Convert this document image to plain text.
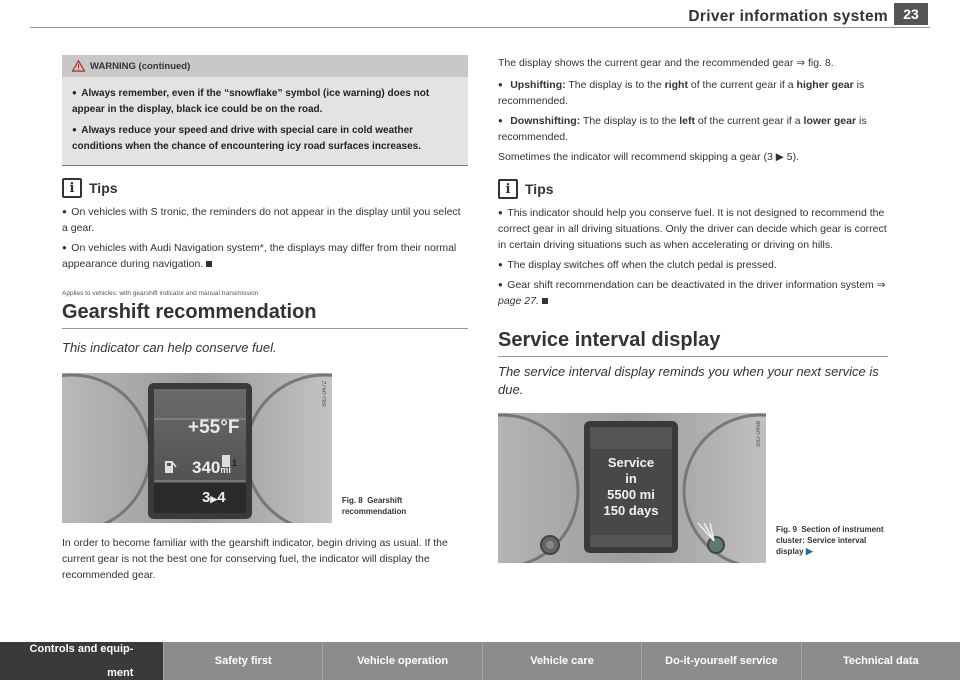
Driver information system	23
WARNING (continued)
●  Always remember, even if the “snowflake” symbol (ice warning) does not appear in the display, black ice could be on the road.
●  Always reduce your speed and drive with special care in cold weather conditions when the chance of encountering icy road surfaces increases.
i	Tips
●  On vehicles with S tronic, the reminders do not appear in the display until you select a gear.
●  On vehicles with Audi Navigation system*, the displays may differ from their normal appearance during navigation.
Applies to vehicles: with gearshift indicator and manual transmission
Gearshift recommendation
This indicator can help conserve fuel.
1
+55°F
340mi
3▶4
B8J-0472
Fig. 8 Gearshift recommendation
In order to become familiar with the gearshift indicator, begin driving as usual. If the current gear is not the best one for conserving fuel, the indicator will display the recommended gear.
The display shows the current gear and the recommended gear ⇒ fig. 8.
●  Upshifting: The display is to the right of the current gear if a higher gear is recommended.
●  Downshifting: The display is to the left of the current gear if a lower gear is recommended.
Sometimes the indicator will recommend skipping a gear (3 ▶ 5).
i	Tips
●  This indicator should help you conserve fuel. It is not designed to recommend the correct gear in all driving situations. Only the driver can decide which gear is correct in certain driving situations such as when accelerating or driving on hills.
●  The display switches off when the clutch pedal is pressed.
●  Gear shift recommendation can be deactivated in the driver information system ⇒ page 27.
Service interval display
The service interval display reminds you when your next service is due.
Service
in
5500 mi
150 days
B8J-0458
Fig. 9 Section of instrument cluster: Service interval display ▶
Controls and equip-

ment
Safety first	Vehicle operation	Vehicle care	Do-it-yourself service	Technical data
